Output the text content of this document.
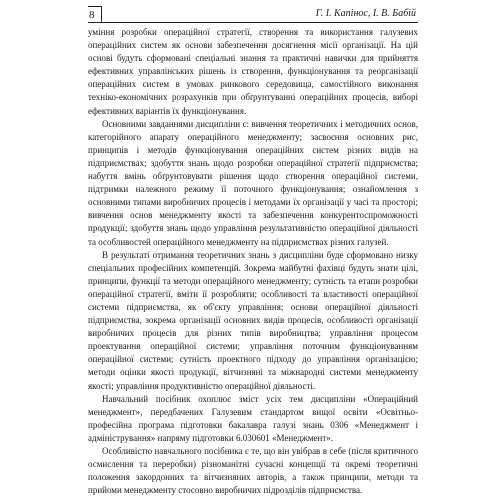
8	Г. І. Капінос, І. В. Бабій

уміння розробки операційної стратегії, створення та використання галузевих операційних систем як основи забезпечення досягнення місії організації. На цій основі будуть сформовані спеціальні знання та практичні навички для прийняття ефективних управлінських рішень із створення, функціонування та реорганізації операційних систем в умовах ринкового середовища, самостійного виконання техніко-економічних розрахунків при обґрунтуванні операційних процесів, виборі ефективних варіантів їх функціонування.

Основними завданнями дисципліни є: вивчення теоретичних і методичних основ, категорійного апарату операційного менеджменту; засвоєння основних рис, принципів і методів функціонування операційних систем різних видів на підприємствах; здобуття знань щодо розробки операційної стратегії підприємства; набуття вмінь обґрунтовувати рішення щодо створення операційної системи, підтримки належного режиму її поточного функціонування; ознайомлення з основними типами виробничих процесів і методами їх організації у часі та просторі; вивчення основ менеджменту якості та забезпечення конкурентоспроможності продукції; здобуття знань щодо управління результативністю операційної діяльності та особливостей операційного менеджменту на підприємствах різних галузей.

В результаті отримання теоретичних знань з дисципліни буде сформовано низку спеціальних професійних компетенцій. Зокрема майбутні фахівці будуть знати цілі, принципи, функції та методи операційного менеджменту; сутність та етапи розробки операційної стратегії, вміти її розробляти; особливості та властивості операційної системи підприємства, як об'єкту управління; основи операційної діяльності підприємства, зокрема організації основних видів процесів, особливості організації виробничих процесів для різних типів виробництва; управління процесом проектування операційної системи; управління поточним функціонуванням операційної системи; сутність проектного підходу до управління організацією; методи оцінки якості продукції, вітчизняні та міжнародні системи менеджменту якості; управління продуктивністю операційної діяльності.

Навчальний посібник охоплює зміст усіх тем дисципліни «Операційний менеджмент», передбачених Галузевим стандартом вищої освіти «Освітньо-професійна програма підготовки бакалавра галузі знань 0306 «Менеджмент і адміністрування» напряму підготовки 6.030601 «Менеджмент».

Особливістю навчального посібника є те, що він увібрав в себе (після критичного осмислення та переробки) різноманітні сучасні концепції та окремі теоретичні положення закордонних та вітчизняних авторів, а також принципи, методи та прийоми менеджменту стосовно виробничих підрозділів підприємства.
